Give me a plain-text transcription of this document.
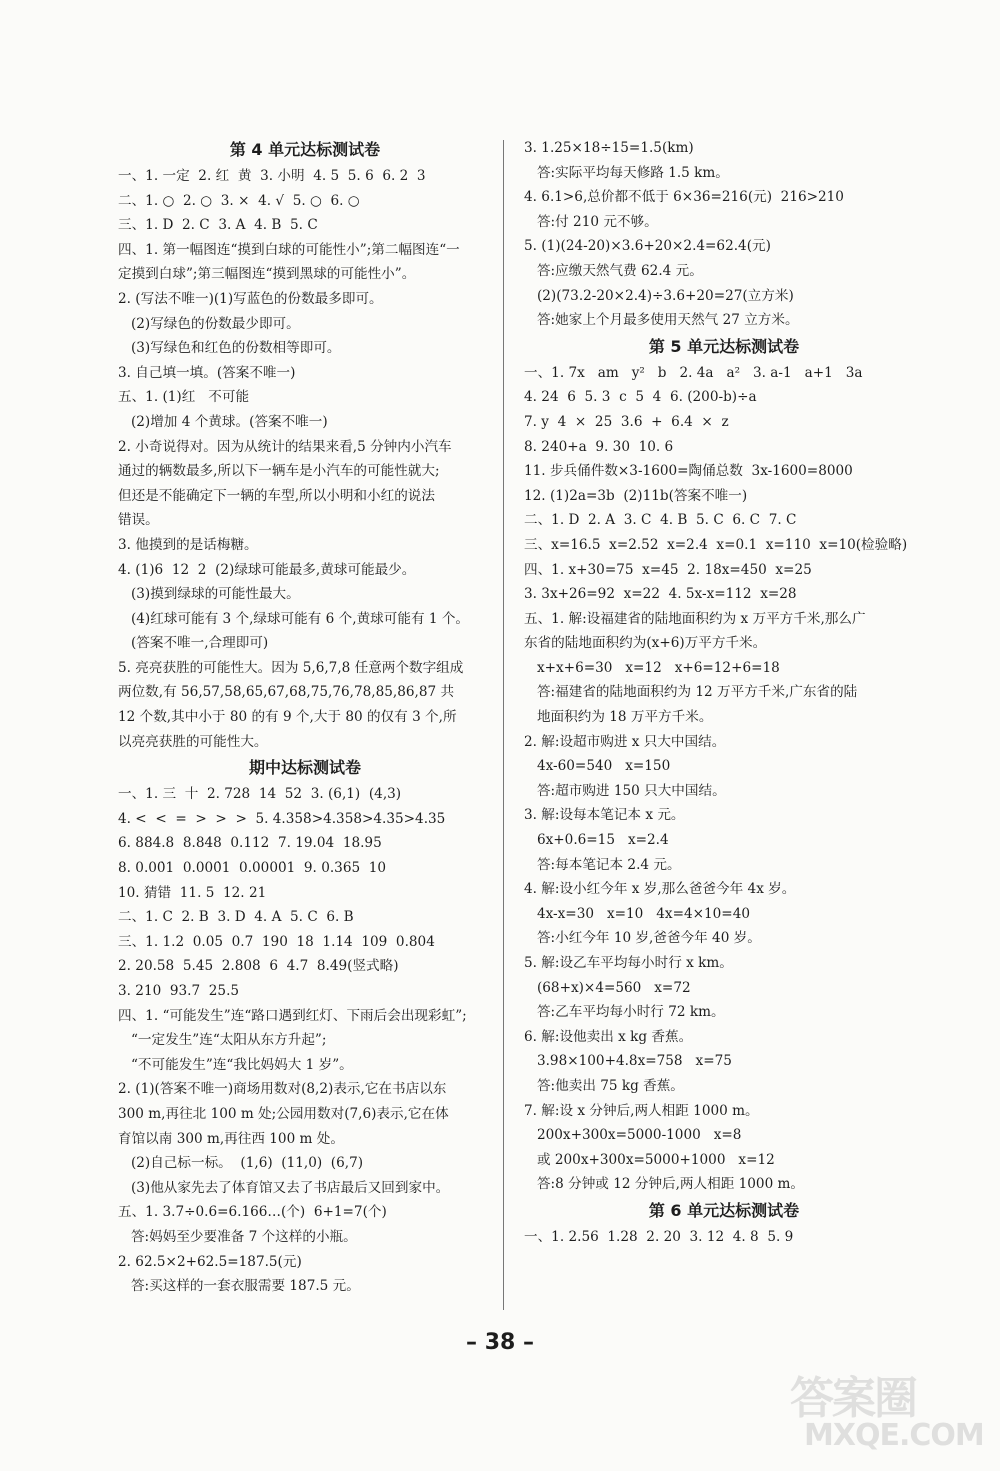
第 4 单元达标测试卷
一、1. 一定  2. 红  黄  3. 小明  4. 5  5. 6  6. 2  3
二、1. ○  2. ○  3. ×  4. √  5. ○  6. ○
三、1. D  2. C  3. A  4. B  5. C
四、1. 第一幅图连“摸到白球的可能性小”;第二幅图连“一
定摸到白球”;第三幅图连“摸到黑球的可能性小”。
2. (写法不唯一)(1)写蓝色的份数最多即可。
(2)写绿色的份数最少即可。
(3)写绿色和红色的份数相等即可。
3. 自己填一填。(答案不唯一)
五、1. (1)红   不可能
(2)增加 4 个黄球。(答案不唯一)
2. 小奇说得对。因为从统计的结果来看,5 分钟内小汽车
通过的辆数最多,所以下一辆车是小汽车的可能性就大;
但还是不能确定下一辆的车型,所以小明和小红的说法
错误。
3. 他摸到的是话梅糖。
4. (1)6  12  2  (2)绿球可能最多,黄球可能最少。
(3)摸到绿球的可能性最大。
(4)红球可能有 3 个,绿球可能有 6 个,黄球可能有 1 个。
(答案不唯一,合理即可)
5. 亮亮获胜的可能性大。因为 5,6,7,8 任意两个数字组成
两位数,有 56,57,58,65,67,68,75,76,78,85,86,87 共
12 个数,其中小于 80 的有 9 个,大于 80 的仅有 3 个,所
以亮亮获胜的可能性大。
期中达标测试卷
一、1. 三  十  2. 728  14  52  3. (6,1)  (4,3)
4. <  <  =  >  >  >  5. 4.35̇8̇>4.358>4.3̇5̇>4.35̇
6. 884.8  8.848  0.112  7. 19.04  18.95
8. 0.00̇1  0.000̇1  0.0000̇1  9. 0.365  10
10. 猜错  11. 5  12. 21
二、1. C  2. B  3. D  4. A  5. C  6. B
三、1. 1.2  0.05  0.7  190  18  1.14  109  0.804
2. 20.58  5.45  2.808  6  4.7  8.49(竖式略)
3. 210  93.7  25.5
四、1. “可能发生”连“路口遇到红灯、下雨后会出现彩虹”;
“一定发生”连“太阳从东方升起”;
“不可能发生”连“我比妈妈大 1 岁”。
2. (1)(答案不唯一)商场用数对(8,2)表示,它在书店以东
300 m,再往北 100 m 处;公园用数对(7,6)表示,它在体
育馆以南 300 m,再往西 100 m 处。
(2)自己标一标。  (1,6)  (11,0)  (6,7)
(3)他从家先去了体育馆又去了书店最后又回到家中。
五、1. 3.7÷0.6=6.166…(个)  6+1=7(个)
答:妈妈至少要准备 7 个这样的小瓶。
2. 62.5×2+62.5=187.5(元)
答:买这样的一套衣服需要 187.5 元。
3. 1.25×18÷15=1.5(km)
答:实际平均每天修路 1.5 km。
4. 6.1>6,总价都不低于 6×36=216(元)  216>210
答:付 210 元不够。
5. (1)(24-20)×3.6+20×2.4=62.4(元)
答:应缴天然气费 62.4 元。
(2)(73.2-20×2.4)÷3.6+20=27(立方米)
答:她家上个月最多使用天然气 27 立方米。
第 5 单元达标测试卷
一、1. 7x   am   y²   b   2. 4a   a²   3. a-1   a+1   3a
4. 24  6  5. 3  c  5  4  6. (200-b)÷a
7. y  4  ×  25  3.6  +  6.4  ×  z
8. 240+a  9. 30  10. 6
11. 步兵俑件数×3-1600=陶俑总数  3x-1600=8000
12. (1)2a=3b  (2)11b(答案不唯一)
二、1. D  2. A  3. C  4. B  5. C  6. C  7. C
三、x=16.5  x=2.52  x=2.4  x=0.1  x=110  x=10(检验略)
四、1. x+30=75  x=45  2. 18x=450  x=25
3. 3x+26=92  x=22  4. 5x-x=112  x=28
五、1. 解:设福建省的陆地面积约为 x 万平方千米,那么广
东省的陆地面积约为(x+6)万平方千米。
x+x+6=30   x=12   x+6=12+6=18
答:福建省的陆地面积约为 12 万平方千米,广东省的陆
地面积约为 18 万平方千米。
2. 解:设超市购进 x 只大中国结。
4x-60=540   x=150
答:超市购进 150 只大中国结。
3. 解:设每本笔记本 x 元。
6x+0.6=15   x=2.4
答:每本笔记本 2.4 元。
4. 解:设小红今年 x 岁,那么爸爸今年 4x 岁。
4x-x=30   x=10   4x=4×10=40
答:小红今年 10 岁,爸爸今年 40 岁。
5. 解:设乙车平均每小时行 x km。
(68+x)×4=560   x=72
答:乙车平均每小时行 72 km。
6. 解:设他卖出 x kg 香蕉。
3.98×100+4.8x=758   x=75
答:他卖出 75 kg 香蕉。
7. 解:设 x 分钟后,两人相距 1000 m。
200x+300x=5000-1000   x=8
或 200x+300x=5000+1000   x=12
答:8 分钟或 12 分钟后,两人相距 1000 m。
第 6 单元达标测试卷
一、1. 2.56  1.28  2. 20  3. 12  4. 8  5. 9
– 38 –
答案圈
MXQE.COM
